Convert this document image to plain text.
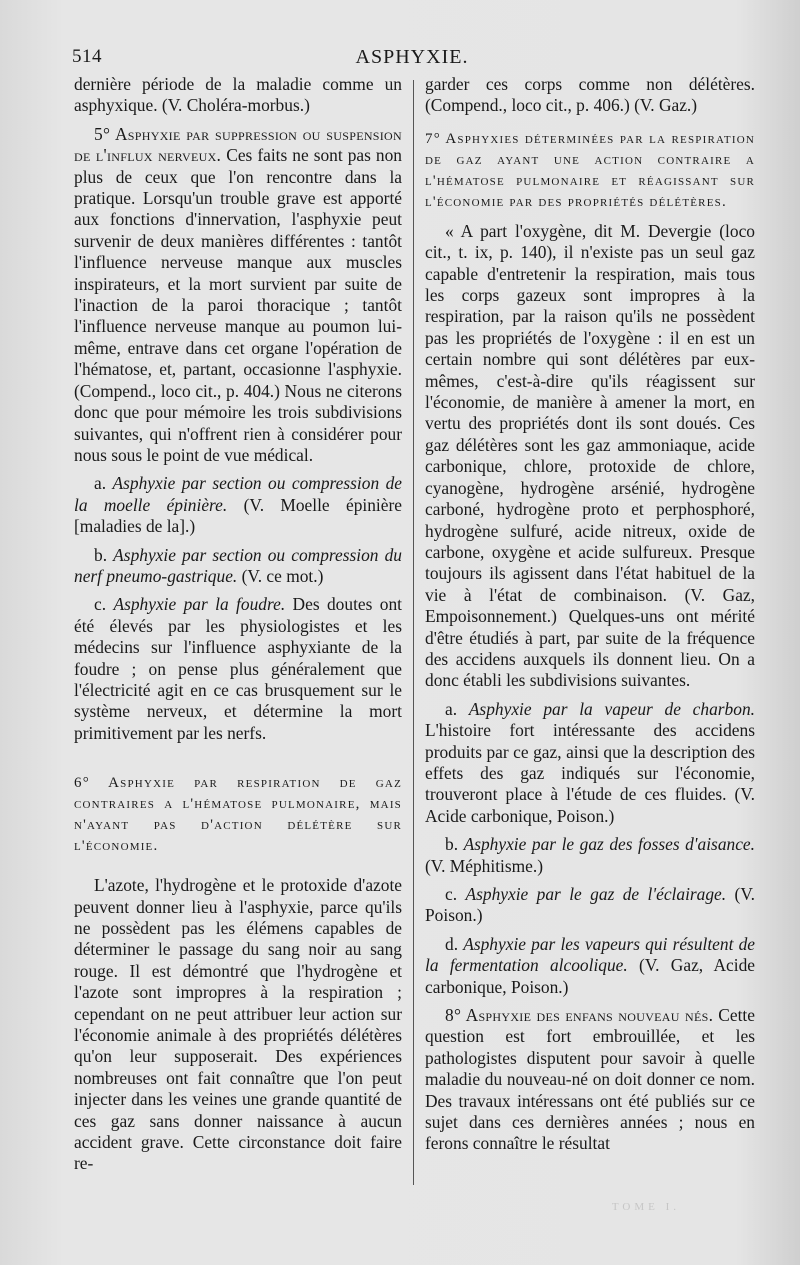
514	ASPHYXIE.

dernière période de la maladie comme un asphyxique. (V. Choléra-morbus.)

5° Asphyxie par suppression ou suspension de l'influx nerveux. Ces faits ne sont pas non plus de ceux que l'on rencontre dans la pratique. Lorsqu'un trouble grave est apporté aux fonctions d'innervation, l'asphyxie peut survenir de deux manières différentes : tantôt l'influence nerveuse manque aux muscles inspirateurs, et la mort survient par suite de l'inaction de la paroi thoracique ; tantôt l'influence nerveuse manque au poumon lui-même, entrave dans cet organe l'opération de l'hématose, et, partant, occasionne l'asphyxie. (Compend., loco cit., p. 404.) Nous ne citerons donc que pour mémoire les trois subdivisions suivantes, qui n'offrent rien à considérer pour nous sous le point de vue médical.

a. Asphyxie par section ou compression de la moelle épinière. (V. Moelle épinière [maladies de la].)

b. Asphyxie par section ou compression du nerf pneumo-gastrique. (V. ce mot.)

c. Asphyxie par la foudre. Des doutes ont été élevés par les physiologistes et les médecins sur l'influence asphyxiante de la foudre ; on pense plus généralement que l'électricité agit en ce cas brusquement sur le système nerveux, et détermine la mort primitivement par les nerfs.

6° Asphyxie par respiration de gaz contraires a l'hématose pulmonaire, mais n'ayant pas d'action délétère sur l'économie.

L'azote, l'hydrogène et le protoxide d'azote peuvent donner lieu à l'asphyxie, parce qu'ils ne possèdent pas les élémens capables de déterminer le passage du sang noir au sang rouge. Il est démontré que l'hydrogène et l'azote sont impropres à la respiration ; cependant on ne peut attribuer leur action sur l'économie animale à des propriétés délétères qu'on leur supposerait. Des expériences nombreuses ont fait connaître que l'on peut injecter dans les veines une grande quantité de ces gaz sans donner naissance à aucun accident grave. Cette circonstance doit faire re-

garder ces corps comme non délétères. (Compend., loco cit., p. 406.) (V. Gaz.)

7° Asphyxies déterminées par la respiration de gaz ayant une action contraire a l'hématose pulmonaire et réagissant sur l'économie par des propriétés délétères.

« A part l'oxygène, dit M. Devergie (loco cit., t. ix, p. 140), il n'existe pas un seul gaz capable d'entretenir la respiration, mais tous les corps gazeux sont impropres à la respiration, par la raison qu'ils ne possèdent pas les propriétés de l'oxygène : il en est un certain nombre qui sont délétères par eux-mêmes, c'est-à-dire qu'ils réagissent sur l'économie, de manière à amener la mort, en vertu des propriétés dont ils sont doués. Ces gaz délétères sont les gaz ammoniaque, acide carbonique, chlore, protoxide de chlore, cyanogène, hydrogène arsénié, hydrogène carboné, hydrogène proto et perphosphoré, hydrogène sulfuré, acide nitreux, oxide de carbone, oxygène et acide sulfureux. Presque toujours ils agissent dans l'état habituel de la vie à l'état de combinaison. (V. Gaz, Empoisonnement.) Quelques-uns ont mérité d'être étudiés à part, par suite de la fréquence des accidens auxquels ils donnent lieu. On a donc établi les subdivisions suivantes.

a. Asphyxie par la vapeur de charbon. L'histoire fort intéressante des accidens produits par ce gaz, ainsi que la description des effets des gaz indiqués sur l'économie, trouveront place à l'étude de ces fluides. (V. Acide carbonique, Poison.)

b. Asphyxie par le gaz des fosses d'aisance. (V. Méphitisme.)

c. Asphyxie par le gaz de l'éclairage. (V. Poison.)

d. Asphyxie par les vapeurs qui résultent de la fermentation alcoolique. (V. Gaz, Acide carbonique, Poison.)

8° Asphyxie des enfans nouveau nés. Cette question est fort embrouillée, et les pathologistes disputent pour savoir à quelle maladie du nouveau-né on doit donner ce nom. Des travaux intéressans ont été publiés sur ce sujet dans ces dernières années ; nous en ferons connaître le résultat

TOME I.
